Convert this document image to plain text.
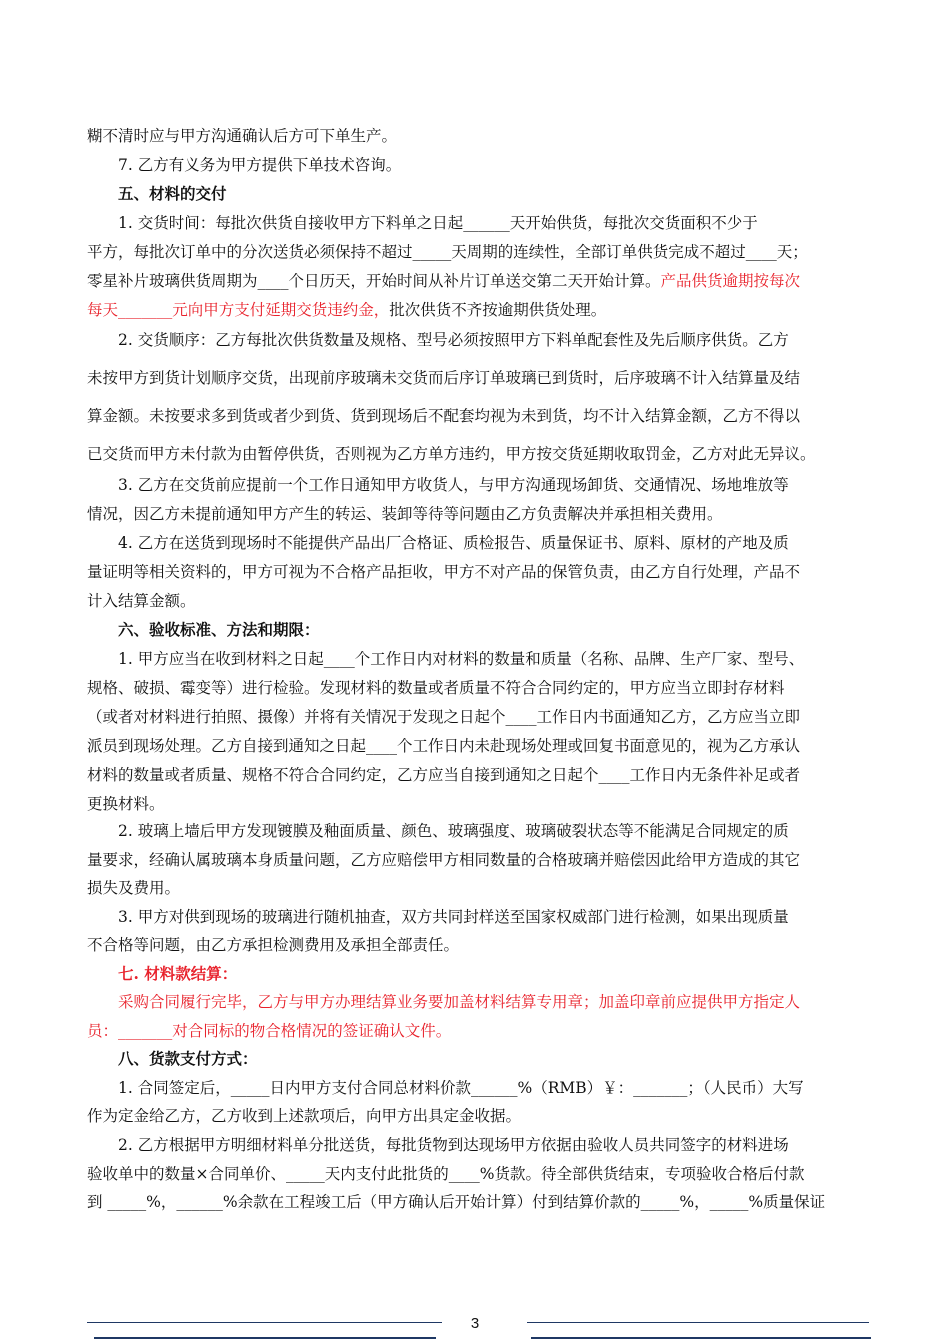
糊不清时应与甲方沟通确认后方可下单生产。
7. 乙方有义务为甲方提供下单技术咨询。
五、材料的交付
1. 交货时间：每批次供货自接收甲方下料单之日起______天开始供货，每批次交货面积不少于
平方，每批次订单中的分次送货必须保持不超过_____天周期的连续性，全部订单供货完成不超过____天；
零星补片玻璃供货周期为____个日历天，开始时间从补片订单送交第二天开始计算。产品供货逾期按每次
每天_______元向甲方支付延期交货违约金，批次供货不齐按逾期供货处理。
2. 交货顺序：乙方每批次供货数量及规格、型号必须按照甲方下料单配套性及先后顺序供货。乙方
未按甲方到货计划顺序交货，出现前序玻璃未交货而后序订单玻璃已到货时，后序玻璃不计入结算量及结
算金额。未按要求多到货或者少到货、货到现场后不配套均视为未到货，均不计入结算金额，乙方不得以
已交货而甲方未付款为由暂停供货，否则视为乙方单方违约，甲方按交货延期收取罚金，乙方对此无异议。
3. 乙方在交货前应提前一个工作日通知甲方收货人，与甲方沟通现场卸货、交通情况、场地堆放等
情况，因乙方未提前通知甲方产生的转运、装卸等待等问题由乙方负责解决并承担相关费用。
4. 乙方在送货到现场时不能提供产品出厂合格证、质检报告、质量保证书、原料、原材的产地及质
量证明等相关资料的，甲方可视为不合格产品拒收，甲方不对产品的保管负责，由乙方自行处理，产品不
计入结算金额。
六、验收标准、方法和期限：
1. 甲方应当在收到材料之日起____个工作日内对材料的数量和质量（名称、品牌、生产厂家、型号、
规格、破损、霉变等）进行检验。发现材料的数量或者质量不符合合同约定的，甲方应当立即封存材料
（或者对材料进行拍照、摄像）并将有关情况于发现之日起个____工作日内书面通知乙方，乙方应当立即
派员到现场处理。乙方自接到通知之日起____个工作日内未赴现场处理或回复书面意见的，视为乙方承认
材料的数量或者质量、规格不符合合同约定，乙方应当自接到通知之日起个____工作日内无条件补足或者
更换材料。
2. 玻璃上墙后甲方发现镀膜及釉面质量、颜色、玻璃强度、玻璃破裂状态等不能满足合同规定的质
量要求，经确认属玻璃本身质量问题，乙方应赔偿甲方相同数量的合格玻璃并赔偿因此给甲方造成的其它
损失及费用。
3. 甲方对供到现场的玻璃进行随机抽查，双方共同封样送至国家权威部门进行检测，如果出现质量
不合格等问题，由乙方承担检测费用及承担全部责任。
七. 材料款结算：
采购合同履行完毕，乙方与甲方办理结算业务要加盖材料结算专用章；加盖印章前应提供甲方指定人
员：_______对合同标的物合格情况的签证确认文件。
八、货款支付方式：
1. 合同签定后，_____日内甲方支付合同总材料价款______%（RMB）￥：_______；（人民币）大写
作为定金给乙方，乙方收到上述款项后，向甲方出具定金收据。
2. 乙方根据甲方明细材料单分批送货，每批货物到达现场甲方依据由验收人员共同签字的材料进场
验收单中的数量×合同单价、_____天内支付此批货的____%货款。待全部供货结束，专项验收合格后付款
到 _____%，______%余款在工程竣工后（甲方确认后开始计算）付到结算价款的_____%，_____%质量保证
3
